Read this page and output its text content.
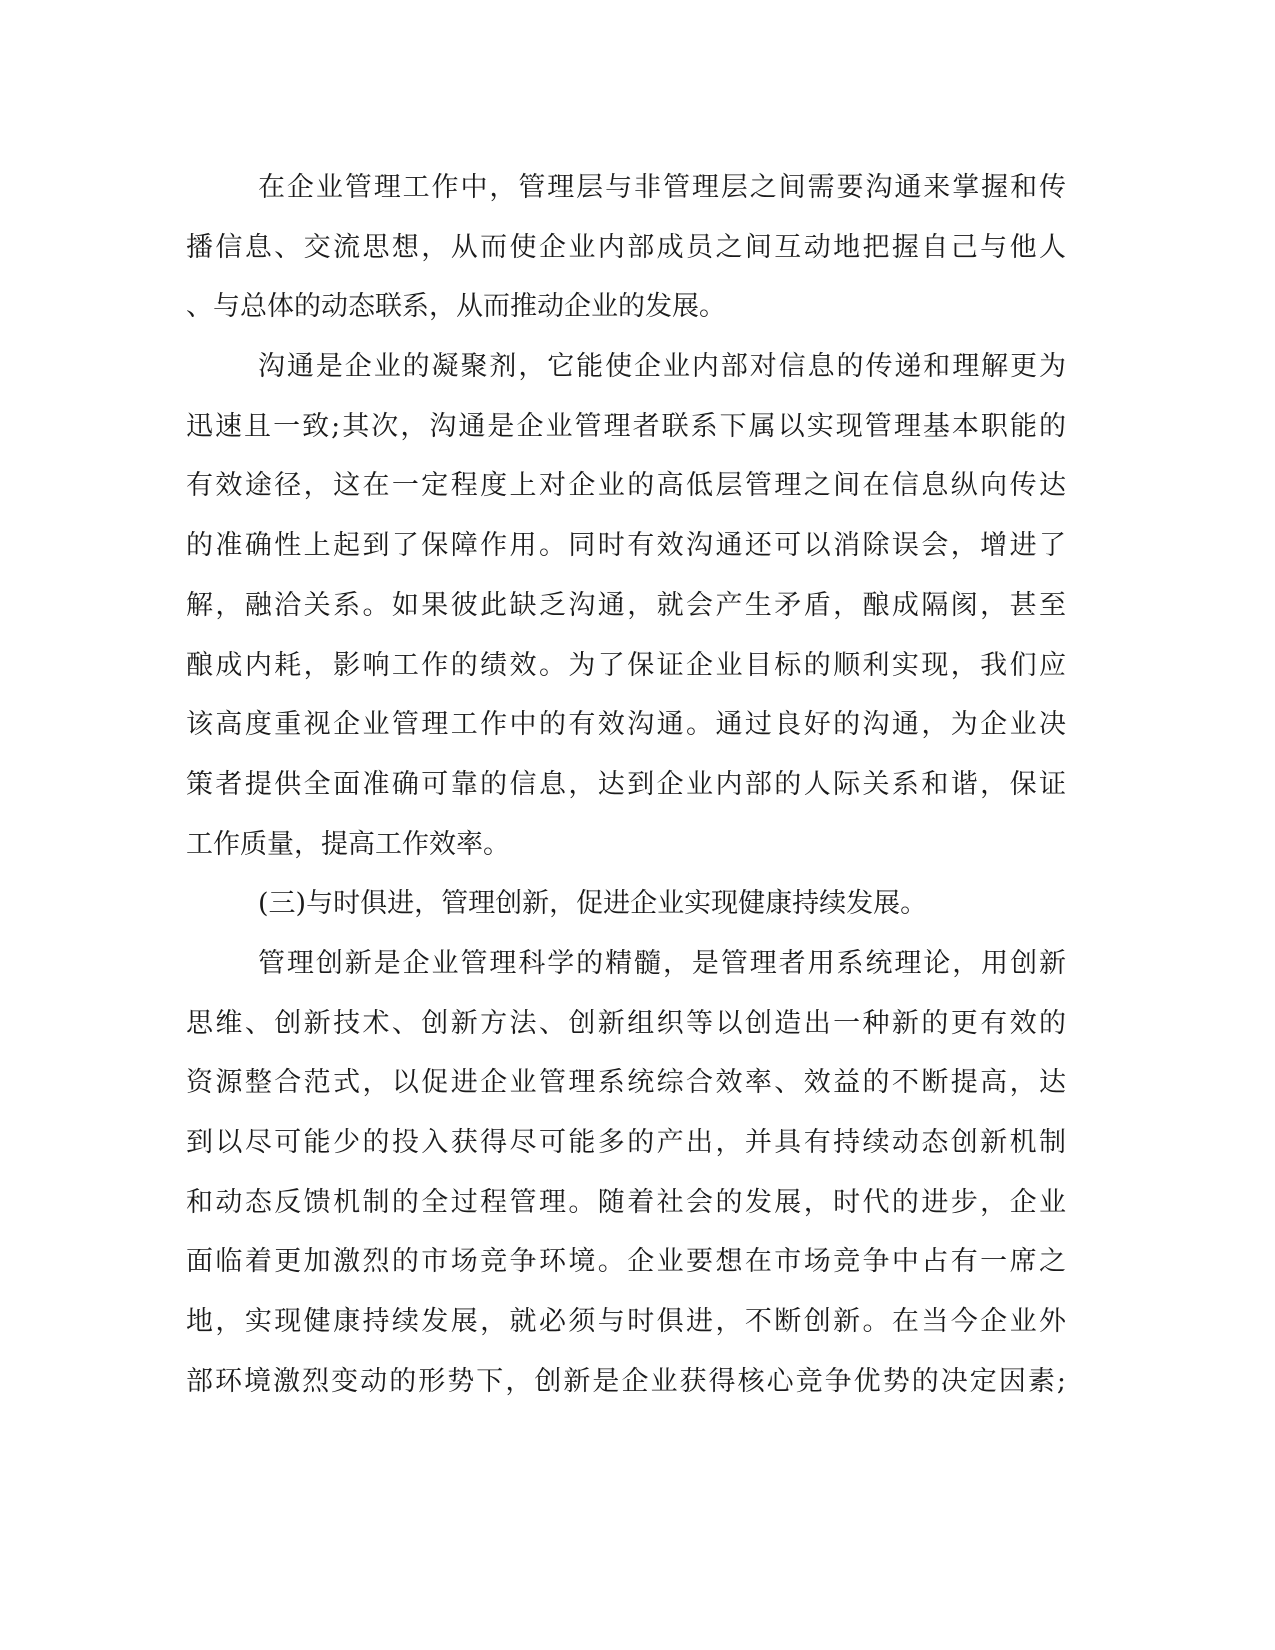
在企业管理工作中，管理层与非管理层之间需要沟通来掌握和传
播信息、交流思想，从而使企业内部成员之间互动地把握自己与他人
、与总体的动态联系，从而推动企业的发展。
沟通是企业的凝聚剂，它能使企业内部对信息的传递和理解更为
迅速且一致;其次，沟通是企业管理者联系下属以实现管理基本职能的
有效途径，这在一定程度上对企业的高低层管理之间在信息纵向传达
的准确性上起到了保障作用。同时有效沟通还可以消除误会，增进了
解，融洽关系。如果彼此缺乏沟通，就会产生矛盾，酿成隔阂，甚至
酿成内耗，影响工作的绩效。为了保证企业目标的顺利实现，我们应
该高度重视企业管理工作中的有效沟通。通过良好的沟通，为企业决
策者提供全面准确可靠的信息，达到企业内部的人际关系和谐，保证
工作质量，提高工作效率。
(三)与时俱进，管理创新，促进企业实现健康持续发展。
管理创新是企业管理科学的精髓，是管理者用系统理论，用创新
思维、创新技术、创新方法、创新组织等以创造出一种新的更有效的
资源整合范式，以促进企业管理系统综合效率、效益的不断提高，达
到以尽可能少的投入获得尽可能多的产出，并具有持续动态创新机制
和动态反馈机制的全过程管理。随着社会的发展，时代的进步，企业
面临着更加激烈的市场竞争环境。企业要想在市场竞争中占有一席之
地，实现健康持续发展，就必须与时俱进，不断创新。在当今企业外
部环境激烈变动的形势下，创新是企业获得核心竞争优势的决定因素;
